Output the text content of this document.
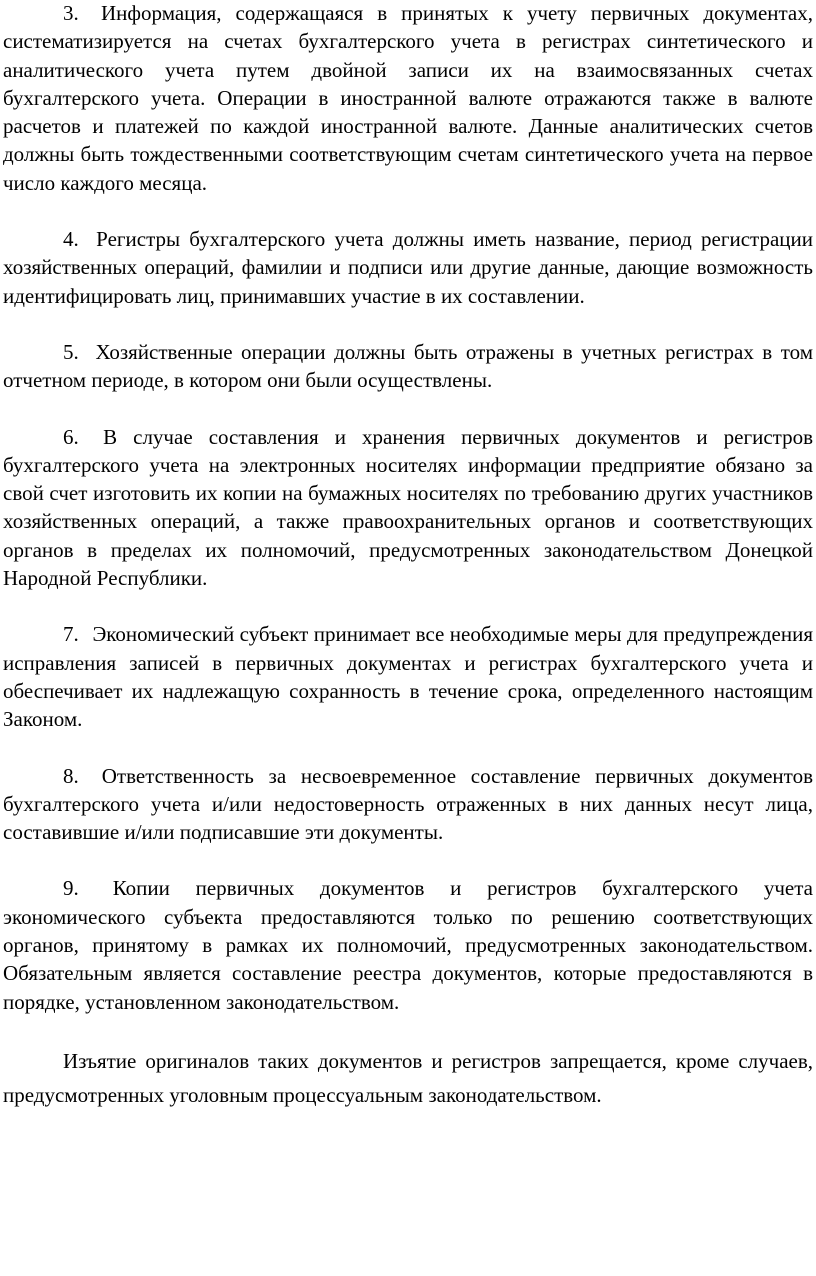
3. Информация, содержащаяся в принятых к учету первичных документах, систематизируется на счетах бухгалтерского учета в регистрах синтетического и аналитического учета путем двойной записи их на взаимосвязанных счетах бухгалтерского учета. Операции в иностранной валюте отражаются также в валюте расчетов и платежей по каждой иностранной валюте. Данные аналитических счетов должны быть тождественными соответствующим счетам синтетического учета на первое число каждого месяца.

4. Регистры бухгалтерского учета должны иметь название, период регистрации хозяйственных операций, фамилии и подписи или другие данные, дающие возможность идентифицировать лиц, принимавших участие в их составлении.

5. Хозяйственные операции должны быть отражены в учетных регистрах в том отчетном периоде, в котором они были осуществлены.

6. В случае составления и хранения первичных документов и регистров бухгалтерского учета на электронных носителях информации предприятие обязано за свой счет изготовить их копии на бумажных носителях по требованию других участников хозяйственных операций, а также правоохранительных органов и соответствующих органов в пределах их полномочий, предусмотренных законодательством Донецкой Народной Республики.

7. Экономический субъект принимает все необходимые меры для предупреждения исправления записей в первичных документах и регистрах бухгалтерского учета и обеспечивает их надлежащую сохранность в течение срока, определенного настоящим Законом.

8. Ответственность за несвоевременное составление первичных документов бухгалтерского учета и/или недостоверность отраженных в них данных несут лица, составившие и/или подписавшие эти документы.

9. Копии первичных документов и регистров бухгалтерского учета экономического субъекта предоставляются только по решению соответствующих органов, принятому в рамках их полномочий, предусмотренных законодательством. Обязательным является составление реестра документов, которые предоставляются в порядке, установленном законодательством.

Изъятие оригиналов таких документов и регистров запрещается, кроме случаев, предусмотренных уголовным процессуальным законодательством.
